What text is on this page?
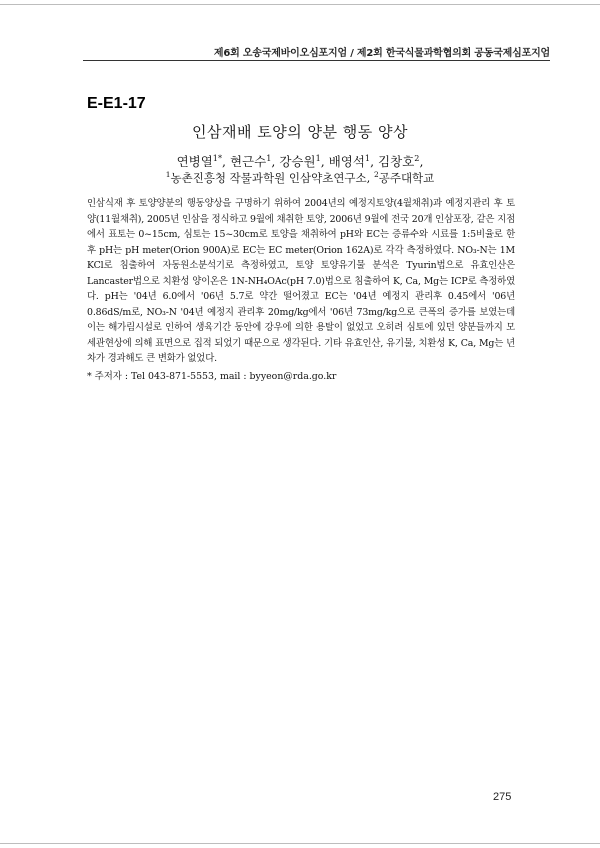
제6회 오송국제바이오심포지엄 / 제2회 한국식물과학협의회 공동국제심포지엄
E-E1-17
인삼재배 토양의 양분 행동 양상
연병열$^{1*}$, 현근수$^1$, 강승원$^1$, 배영석$^1$, 김창호$^2$,
$^1$농촌진흥청 작물과학원 인삼약초연구소, $^2$공주대학교

인삼식재 후 토양양분의 행동양상을 구명하기 위하여 2004년의 예정지토양(4월채취)과 예정지관리 후 토양(11월채취), 2005년 인삼을 정식하고 9월에 채취한 토양, 2006년 9월에 전국 20개 인삼포장, 같은 지점에서 표토는 0~15cm, 심토는 15~30cm로 토양을 채취하여 pH와 EC는 증류수와 시료를 1:5비율로 한 후 pH는 pH meter(Orion 900A)로 EC는 EC meter(Orion 162A)로 각각 측정하였다. NO₃-N는 1M KCl로 침출하여 자동원소분석기로 측정하였고, 토양 토양유기물 분석은 Tyurin법으로 유효인산은 Lancaster법으로 치환성 양이온은 1N-NH₄OAc(pH 7.0)법으로 침출하여 K, Ca, Mg는 ICP로 측정하였다. pH는 '04년 6.0에서 '06년 5.7로 약간 떨어졌고 EC는 '04년 예정지 관리후 0.45에서 '06년 0.86dS/m로, NO₃-N '04년 예정지 관리후 20mg/kg에서 '06년 73mg/kg으로 큰폭의 증가를 보였는데 이는 해가림시설로 인하여 생육기간 동안에 강우에 의한 용탈이 없었고 오히려 심토에 있던 양분들까지 모세관현상에 의해 표면으로 집적 되었기 때문으로 생각된다. 기타 유효인산, 유기물, 치환성 K, Ca, Mg는 년차가 경과해도 큰 변화가 없었다.

* 주저자 : Tel 043-871-5553, mail : byyeon@rda.go.kr
275
